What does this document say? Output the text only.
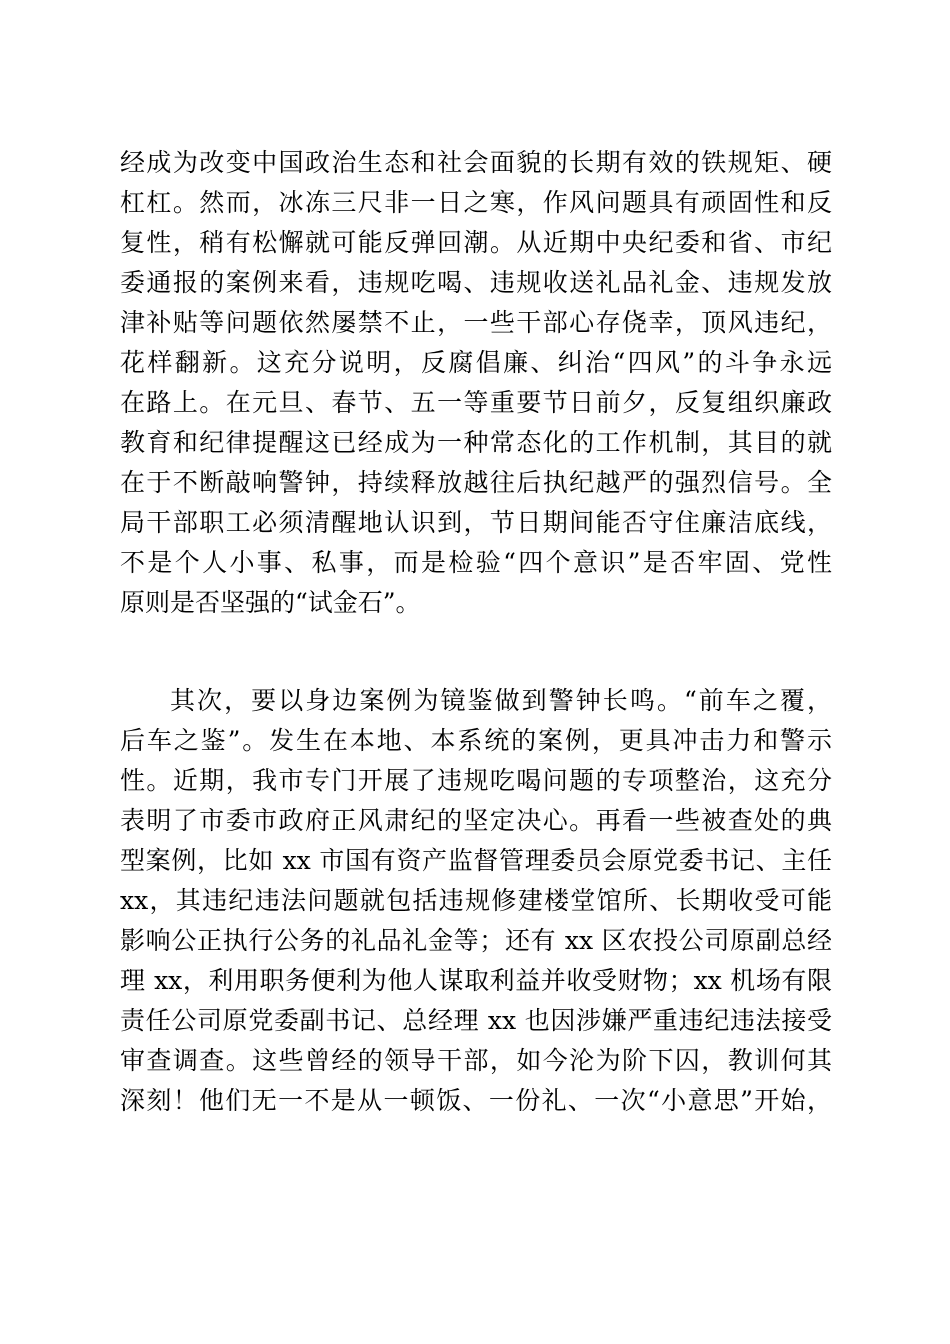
经成为改变中国政治生态和社会面貌的长期有效的铁规矩、硬
杠杠。然而，冰冻三尺非一日之寒，作风问题具有顽固性和反
复性，稍有松懈就可能反弹回潮。从近期中央纪委和省、市纪
委通报的案例来看，违规吃喝、违规收送礼品礼金、违规发放
津补贴等问题依然屡禁不止，一些干部心存侥幸，顶风违纪，
花样翻新。这充分说明，反腐倡廉、纠治“四风”的斗争永远
在路上。在元旦、春节、五一等重要节日前夕，反复组织廉政
教育和纪律提醒这已经成为一种常态化的工作机制，其目的就
在于不断敲响警钟，持续释放越往后执纪越严的强烈信号。全
局干部职工必须清醒地认识到，节日期间能否守住廉洁底线，
不是个人小事、私事，而是检验“四个意识”是否牢固、党性
原则是否坚强的“试金石”。
其次，要以身边案例为镜鉴做到警钟长鸣。“前车之覆，
后车之鉴”。发生在本地、本系统的案例，更具冲击力和警示
性。近期，我市专门开展了违规吃喝问题的专项整治，这充分
表明了市委市政府正风肃纪的坚定决心。再看一些被查处的典
型案例，比如 xx 市国有资产监督管理委员会原党委书记、主任
xx，其违纪违法问题就包括违规修建楼堂馆所、长期收受可能
影响公正执行公务的礼品礼金等；还有 xx 区农投公司原副总经
理 xx，利用职务便利为他人谋取利益并收受财物；xx 机场有限
责任公司原党委副书记、总经理 xx 也因涉嫌严重违纪违法接受
审查调查。这些曾经的领导干部，如今沦为阶下囚，教训何其
深刻！他们无一不是从一顿饭、一份礼、一次“小意思”开始，
